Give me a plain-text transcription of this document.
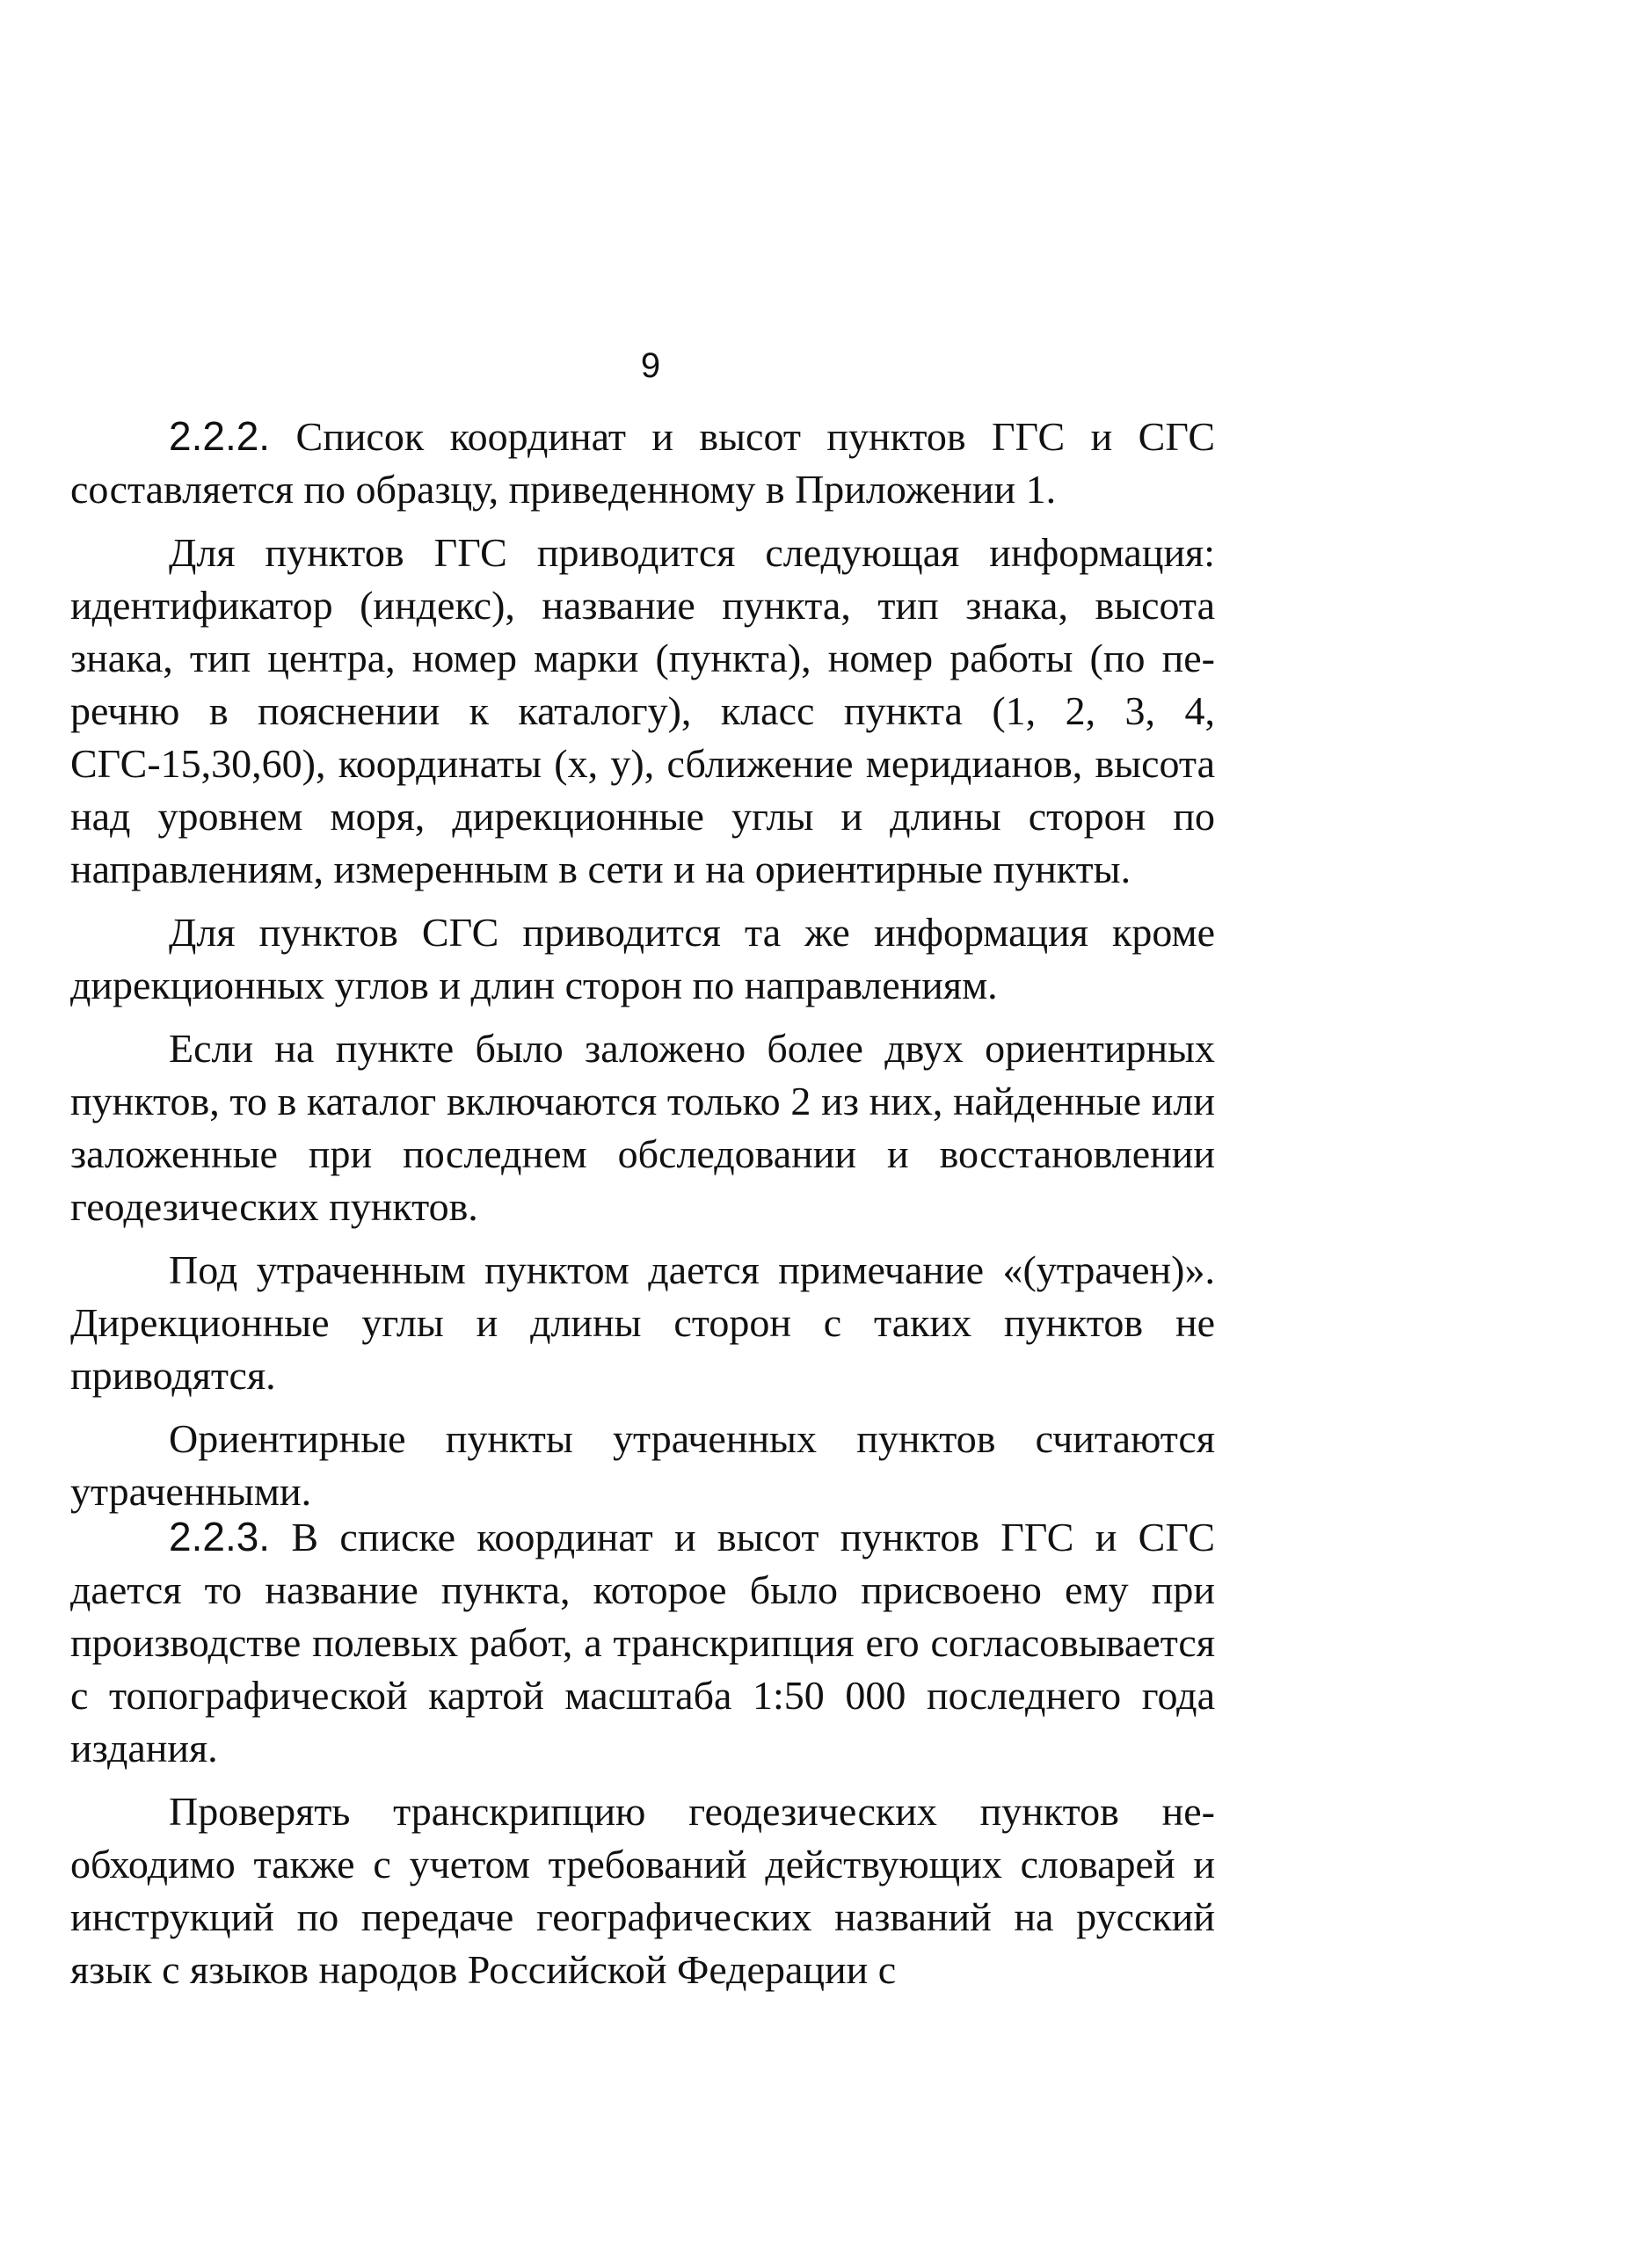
9

2.2.2. Список координат и высот пунктов ГГС и СГС составляется по образцу, приведенному в Приложении 1.

Для пунктов ГГС приводится следующая информация: идентификатор (индекс), название пункта, тип знака, высота знака, тип центра, номер марки (пункта), номер работы (по перечню в пояснении к каталогу), класс пункта (1, 2, 3, 4, СГС-15,30,60), координаты (x, y), сближение меридианов, высота над уровнем моря, дирекционные углы и длины сторон по направлениям, измеренным в сети и на ориентирные пункты.

Для пунктов СГС приводится та же информация кроме дирекционных углов и длин сторон по направлениям.

Если на пункте было заложено более двух ориентирных пунктов, то в каталог включаются только 2 из них, найденные или заложенные при последнем обследовании и восстановлении геодезических пунктов.

Под утраченным пунктом дается примечание «(утрачен)». Дирекционные углы и длины сторон с таких пунктов не приводятся.

Ориентирные пункты утраченных пунктов считаются утраченными.

2.2.3. В списке координат и высот пунктов ГГС и СГС дается то название пункта, которое было присвоено ему при производстве полевых работ, а транскрипция его согласовывается с топографической картой масштаба 1:50 000 последнего года издания.

Проверять транскрипцию геодезических пунктов необходимо также с учетом требований действующих словарей и инструкций по передаче географических названий на русский язык с языков народов Российской Федерации с
